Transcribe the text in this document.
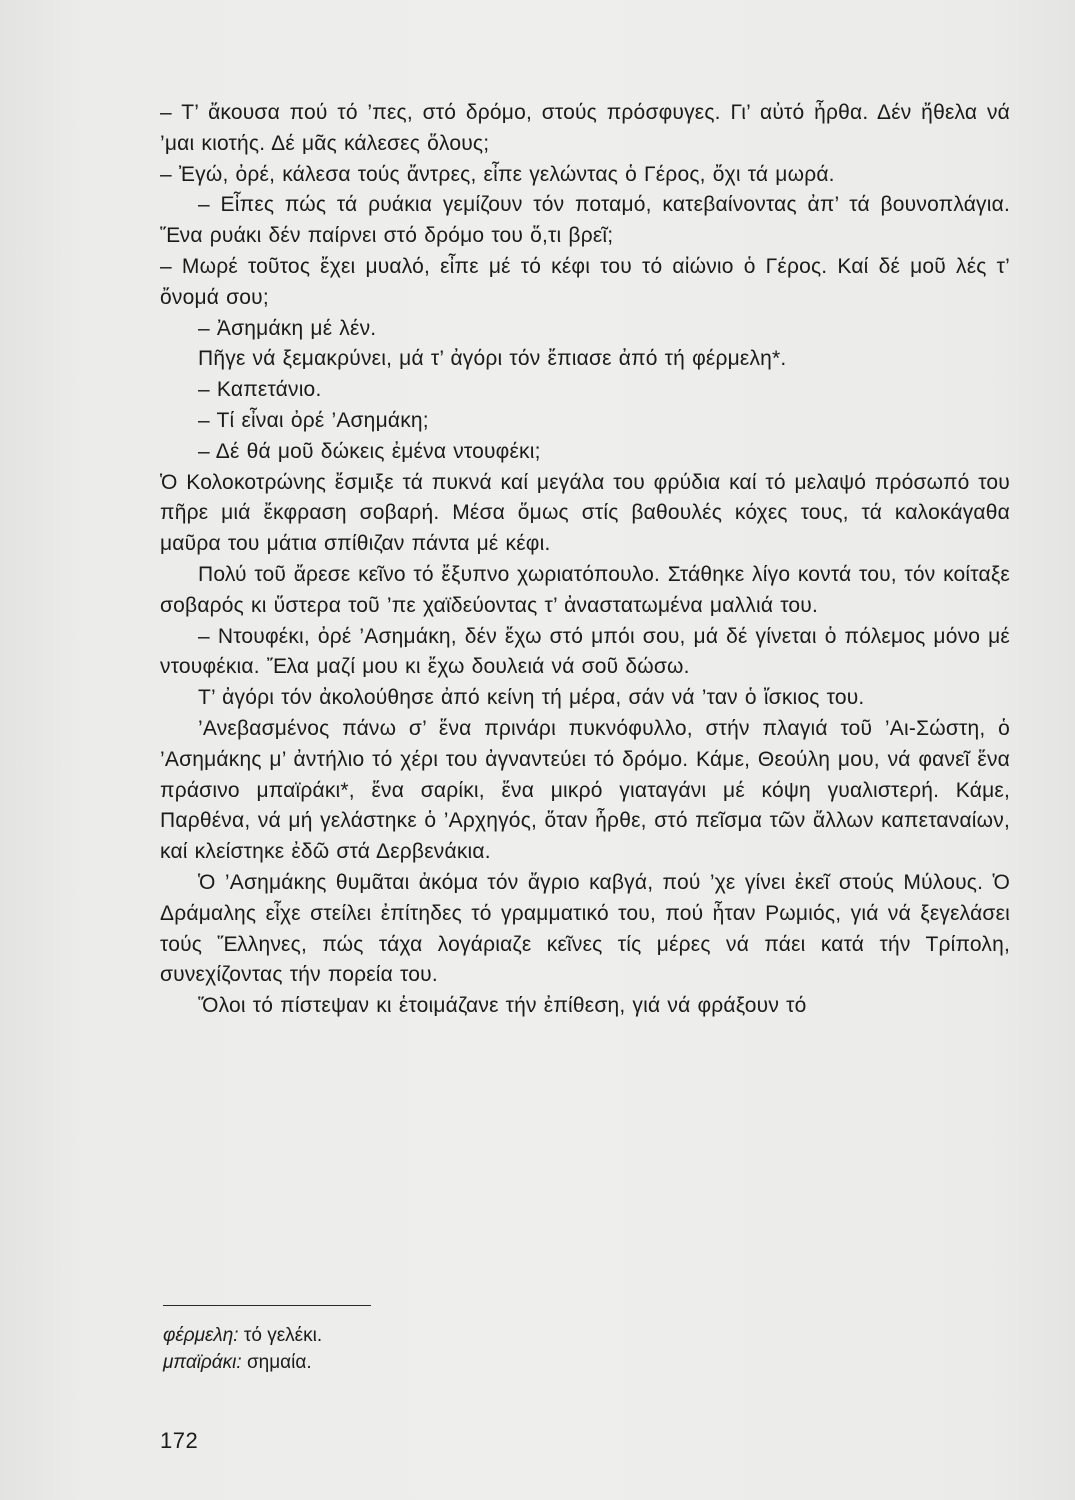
– Τ’ ἄκουσα πού τό ’πες, στό δρόμο, στούς πρόσφυγες. Γι’ αὐτό ἦρθα. Δέν ἤθελα νά ’μαι κιοτής. Δέ μᾶς κάλεσες ὅλους;

– Ἐγώ, ὀρέ, κάλεσα τούς ἄντρες, εἶπε γελώντας ὁ Γέρος, ὄχι τά μωρά.

– Εἶπες πώς τά ρυάκια γεμίζουν τόν ποταμό, κατεβαίνοντας ἀπ’ τά βουνοπλάγια. Ἕνα ρυάκι δέν παίρνει στό δρόμο του ὅ,τι βρεῖ;

– Μωρέ τοῦτος ἔχει μυαλό, εἶπε μέ τό κέφι του τό αἰώνιο ὁ Γέρος. Καί δέ μοῦ λές τ’ ὄνομά σου;

– Ἀσημάκη μέ λέν.

Πῆγε νά ξεμακρύνει, μά τ’ ἀγόρι τόν ἔπιασε ἀπό τή φέρμελη*.

– Καπετάνιο.

– Τί εἶναι ὀρέ ’Ασημάκη;

– Δέ θά μοῦ δώκεις ἐμένα ντουφέκι;

Ὁ Κολοκοτρώνης ἔσμιξε τά πυκνά καί μεγάλα του φρύδια καί τό μελαψό πρόσωπό του πῆρε μιά ἔκφραση σοβαρή. Μέσα ὅμως στίς βαθουλές κόχες τους, τά καλοκάγαθα μαῦρα του μάτια σπίθιζαν πάντα μέ κέφι.

Πολύ τοῦ ἄρεσε κεῖνο τό ἔξυπνο χωριατόπουλο. Στάθηκε λίγο κοντά του, τόν κοίταξε σοβαρός κι ὕστερα τοῦ ’πε χαϊδεύοντας τ’ ἀναστατωμένα μαλλιά του.

– Ντουφέκι, ὀρέ ’Ασημάκη, δέν ἔχω στό μπόι σου, μά δέ γίνεται ὁ πόλεμος μόνο μέ ντουφέκια. Ἔλα μαζί μου κι ἔχω δουλειά νά σοῦ δώσω.

Τ’ ἀγόρι τόν ἀκολούθησε ἀπό κείνη τή μέρα, σάν νά ’ταν ὁ ἴσκιος του.

’Ανεβασμένος πάνω σ’ ἕνα πρινάρι πυκνόφυλλο, στήν πλαγιά τοῦ ’Αι-Σώστη, ὁ ’Ασημάκης μ’ ἀντήλιο τό χέρι του ἀγναντεύει τό δρόμο. Κάμε, Θεούλη μου, νά φανεῖ ἕνα πράσινο μπαϊράκι*, ἕνα σαρίκι, ἕνα μικρό γιαταγάνι μέ κόψη γυαλιστερή. Κάμε, Παρθένα, νά μή γελάστηκε ὁ ’Αρχηγός, ὅταν ἦρθε, στό πεῖσμα τῶν ἄλλων καπεταναίων, καί κλείστηκε ἐδῶ στά Δερβενάκια.

Ὁ ’Ασημάκης θυμᾶται ἀκόμα τόν ἄγριο καβγά, πού ’χε γίνει ἐκεῖ στούς Μύλους. Ὁ Δράμαλης εἶχε στείλει ἐπίτηδες τό γραμματικό του, πού ἦταν Ρωμιός, γιά νά ξεγελάσει τούς Ἕλληνες, πώς τάχα λογάριαζε κεῖνες τίς μέρες νά πάει κατά τήν Τρίπολη, συνεχίζοντας τήν πορεία του.

Ὅλοι τό πίστεψαν κι ἑτοιμάζανε τήν ἐπίθεση, γιά νά φράξουν τό

φέρμελη: τό γελέκι.

μπαϊράκι: σημαία.

172
